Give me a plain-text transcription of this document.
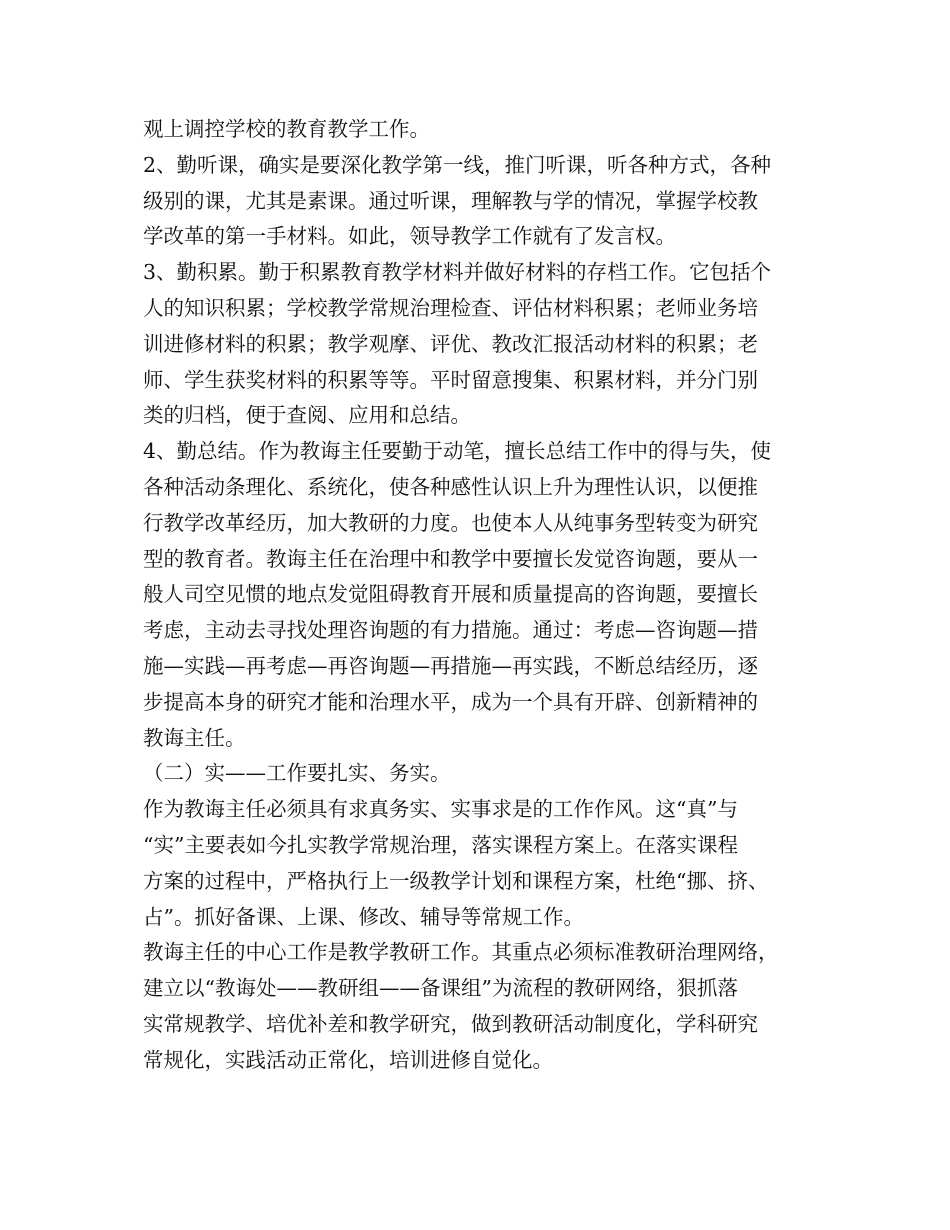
观上调控学校的教育教学工作。
2、勤听课，确实是要深化教学第一线，推门听课，听各种方式，各种
级别的课，尤其是素课。通过听课，理解教与学的情况，掌握学校教
学改革的第一手材料。如此，领导教学工作就有了发言权。
3、勤积累。勤于积累教育教学材料并做好材料的存档工作。它包括个
人的知识积累；学校教学常规治理检查、评估材料积累；老师业务培
训进修材料的积累；教学观摩、评优、教改汇报活动材料的积累；老
师、学生获奖材料的积累等等。平时留意搜集、积累材料，并分门别
类的归档，便于查阅、应用和总结。
4、勤总结。作为教诲主任要勤于动笔，擅长总结工作中的得与失，使
各种活动条理化、系统化，使各种感性认识上升为理性认识，以便推
行教学改革经历，加大教研的力度。也使本人从纯事务型转变为研究
型的教育者。教诲主任在治理中和教学中要擅长发觉咨询题，要从一
般人司空见惯的地点发觉阻碍教育开展和质量提高的咨询题，要擅长
考虑，主动去寻找处理咨询题的有力措施。通过：考虑—咨询题—措
施—实践—再考虑—再咨询题—再措施—再实践，不断总结经历，逐
步提高本身的研究才能和治理水平，成为一个具有开辟、创新精神的
教诲主任。
（二）实——工作要扎实、务实。
作为教诲主任必须具有求真务实、实事求是的工作作风。这“真”与
“实”主要表如今扎实教学常规治理，落实课程方案上。在落实课程
方案的过程中，严格执行上一级教学计划和课程方案，杜绝“挪、挤、
占”。抓好备课、上课、修改、辅导等常规工作。
教诲主任的中心工作是教学教研工作。其重点必须标准教研治理网络，
建立以“教诲处——教研组——备课组”为流程的教研网络，狠抓落
实常规教学、培优补差和教学研究，做到教研活动制度化，学科研究
常规化，实践活动正常化，培训进修自觉化。
